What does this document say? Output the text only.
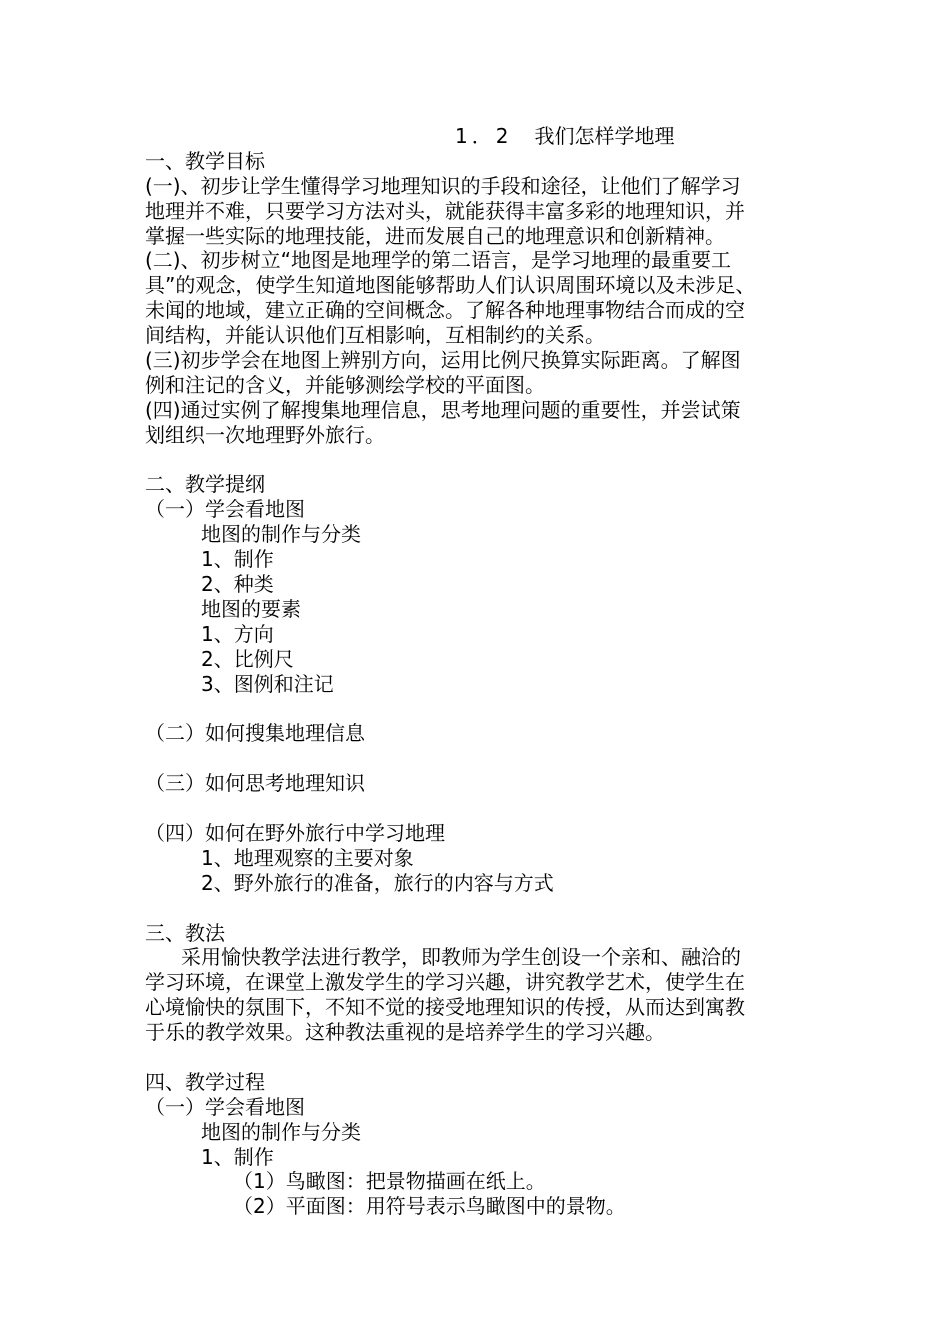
1．2 我们怎样学地理
一、教学目标
(一)、初步让学生懂得学习地理知识的手段和途径，让他们了解学习
地理并不难，只要学习方法对头，就能获得丰富多彩的地理知识，并
掌握一些实际的地理技能，进而发展自己的地理意识和创新精神。
(二)、初步树立“地图是地理学的第二语言，是学习地理的最重要工
具”的观念，使学生知道地图能够帮助人们认识周围环境以及未涉足、
未闻的地域，建立正确的空间概念。了解各种地理事物结合而成的空
间结构，并能认识他们互相影响，互相制约的关系。
(三)初步学会在地图上辨别方向，运用比例尺换算实际距离。了解图
例和注记的含义，并能够测绘学校的平面图。
(四)通过实例了解搜集地理信息，思考地理问题的重要性，并尝试策
划组织一次地理野外旅行。
二、教学提纲
（一）学会看地图
地图的制作与分类
1、制作
2、种类
地图的要素
1、方向
2、比例尺
3、图例和注记
（二）如何搜集地理信息
（三）如何思考地理知识
（四）如何在野外旅行中学习地理
1、地理观察的主要对象
2、野外旅行的准备，旅行的内容与方式
三、教法
采用愉快教学法进行教学，即教师为学生创设一个亲和、融洽的
学习环境，在课堂上激发学生的学习兴趣，讲究教学艺术，使学生在
心境愉快的氛围下，不知不觉的接受地理知识的传授，从而达到寓教
于乐的教学效果。这种教法重视的是培养学生的学习兴趣。
四、教学过程
（一）学会看地图
地图的制作与分类
1、制作
（1）鸟瞰图：把景物描画在纸上。
（2）平面图：用符号表示鸟瞰图中的景物。
